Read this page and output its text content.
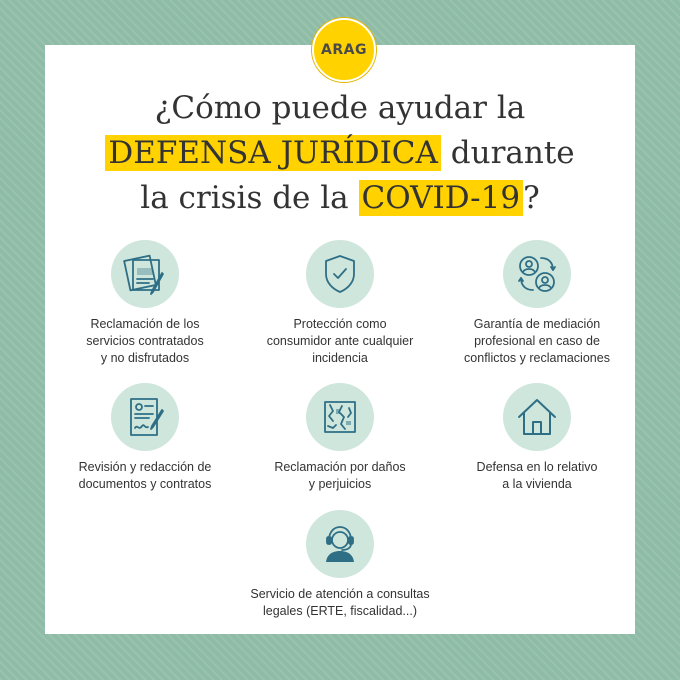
ARAG
¿Cómo puede ayudar la
DEFENSA JURÍDICA durante
la crisis de la COVID-19?
Reclamación de los
servicios contratados
y no disfrutados
Protección como
consumidor ante cualquier
incidencia
Garantía de mediación
profesional en caso de
conflictos y reclamaciones
Revisión y redacción de
documentos y contratos
Reclamación por daños
y perjuicios
Defensa en lo relativo
a la vivienda
Servicio de atención a consultas
legales (ERTE, fiscalidad...)
